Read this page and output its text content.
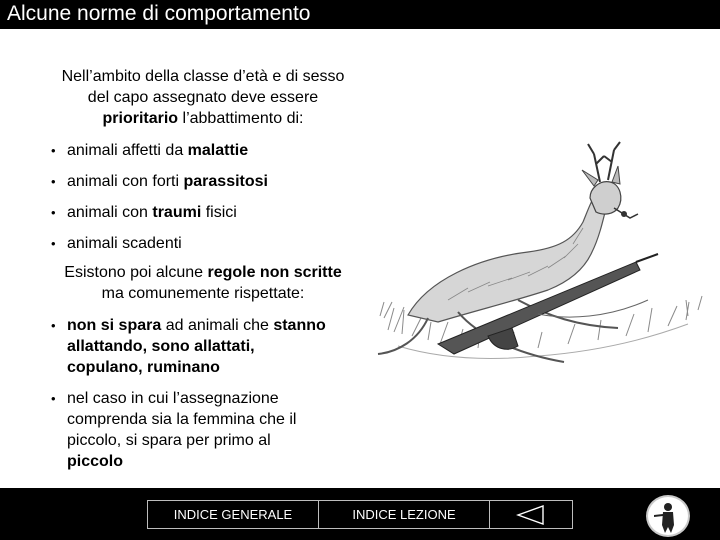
Alcune norme di comportamento

Nell’ambito della classe d’età e di sesso
del capo assegnato deve essere
prioritario l’abbattimento di:

• animali affetti da malattie
• animali con forti parassitosi
• animali con traumi fisici
• animali scadenti

Esistono poi alcune regole non scritte
ma comunemente rispettate:

• non si spara ad animali che stanno
allattando, sono allattati,
copulano, ruminano
• nel caso in cui l’assegnazione
comprenda sia la femmina che il
piccolo, si spara per primo al
piccolo
INDICE GENERALE	INDICE LEZIONE
